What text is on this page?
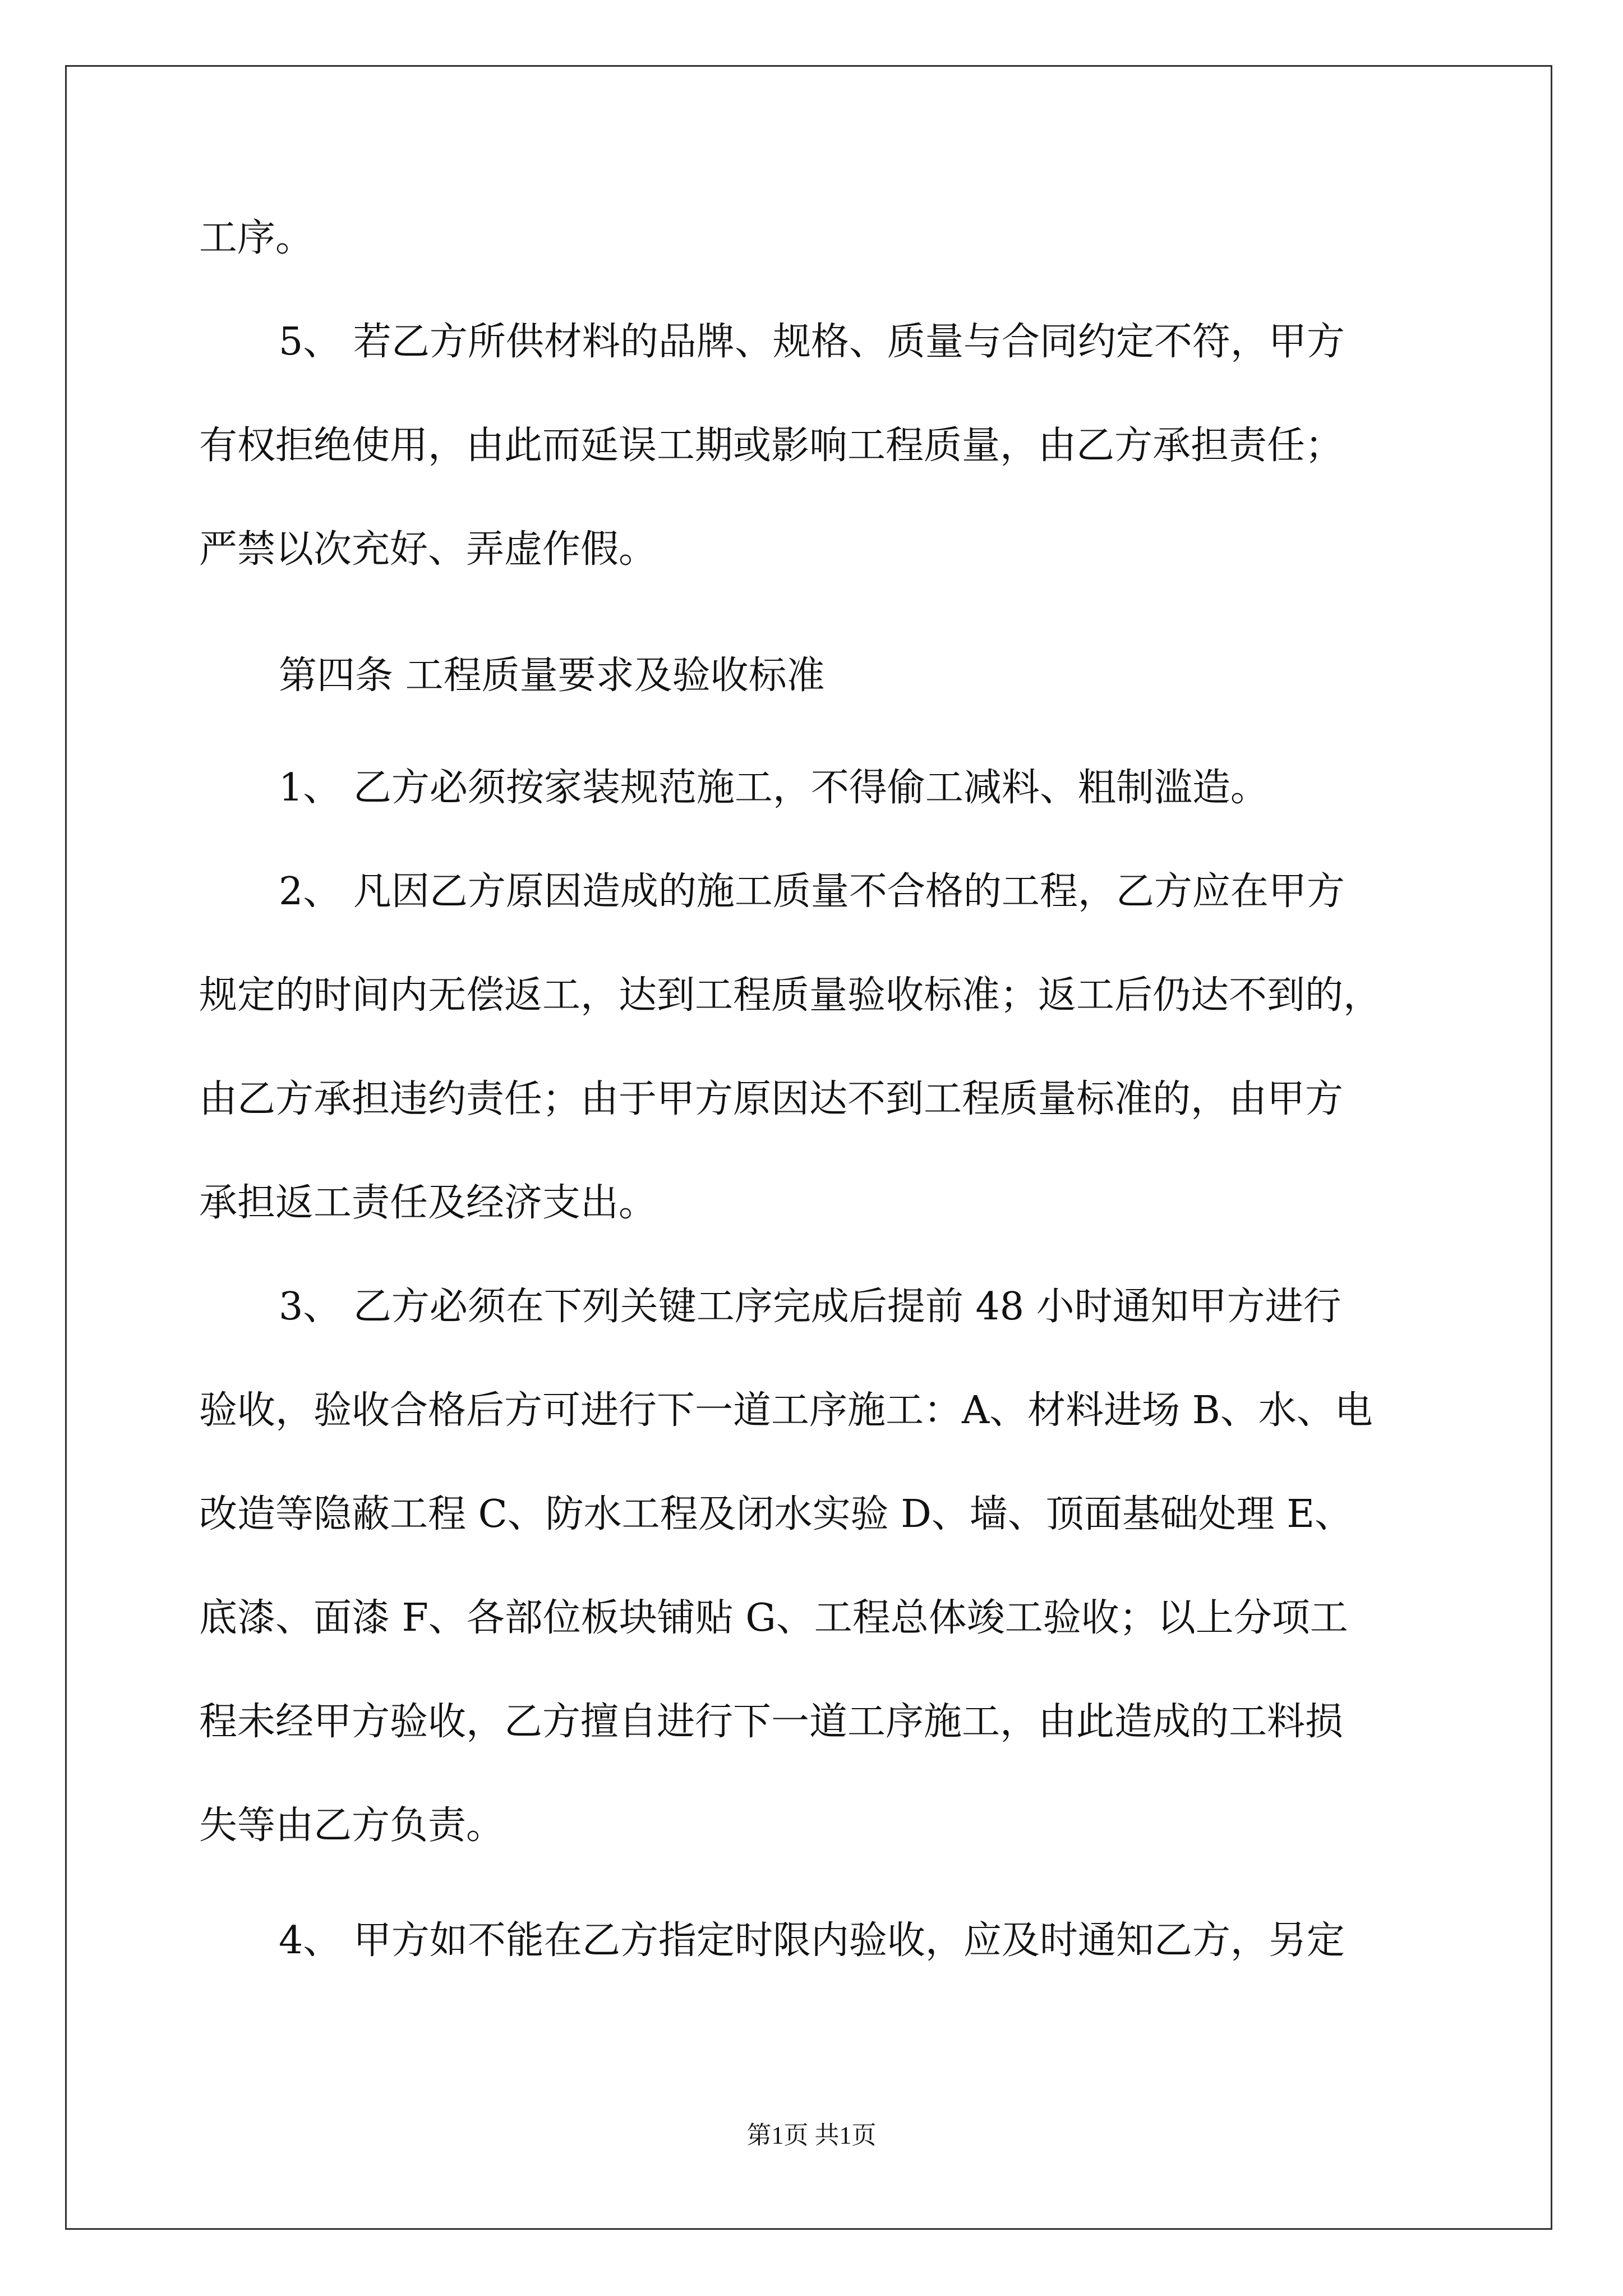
工序。
5、 若乙方所供材料的品牌、规格、质量与合同约定不符，甲方
有权拒绝使用，由此而延误工期或影响工程质量，由乙方承担责任；
严禁以次充好、弄虚作假。
第四条 工程质量要求及验收标准
1、 乙方必须按家装规范施工，不得偷工减料、粗制滥造。
2、 凡因乙方原因造成的施工质量不合格的工程，乙方应在甲方
规定的时间内无偿返工，达到工程质量验收标准；返工后仍达不到的，
由乙方承担违约责任；由于甲方原因达不到工程质量标准的，由甲方
承担返工责任及经济支出。
3、 乙方必须在下列关键工序完成后提前 48 小时通知甲方进行
验收，验收合格后方可进行下一道工序施工：A、材料进场 B、水、电
改造等隐蔽工程 C、防水工程及闭水实验 D、墙、顶面基础处理 E、
底漆、面漆 F、各部位板块铺贴 G、工程总体竣工验收；以上分项工
程未经甲方验收，乙方擅自进行下一道工序施工，由此造成的工料损
失等由乙方负责。
4、 甲方如不能在乙方指定时限内验收，应及时通知乙方，另定
第1页 共1页
